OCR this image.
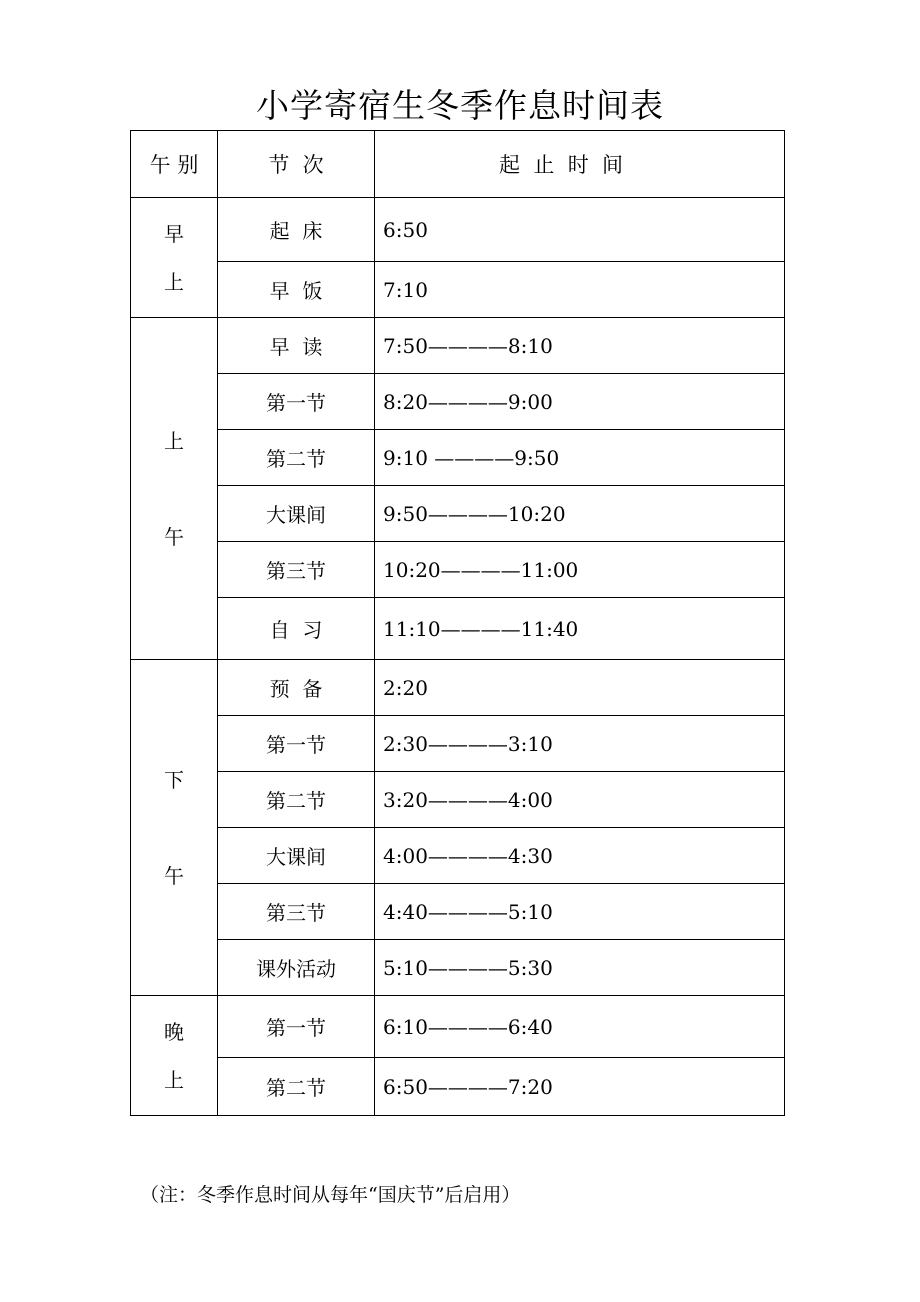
小学寄宿生冬季作息时间表
午 别	节  次	起  止  时  间

早
上	起  床	6:50
	早  饭	7:10

上
午	早  读	7:50————8:10
	第一节	8:20————9:00
	第二节	9:10 ————9:50
	大课间	9:50————10:20
	第三节	10:20————11:00
	自  习	11:10————11:40

下
午	预  备	2:20
	第一节	2:30————3:10
	第二节	3:20————4:00
	大课间	4:00————4:30
	第三节	4:40————5:10
	课外活动	5:10————5:30

晚
上	第一节	6:10————6:40
	第二节	6:50————7:20
（注：冬季作息时间从每年“国庆节”后启用）
